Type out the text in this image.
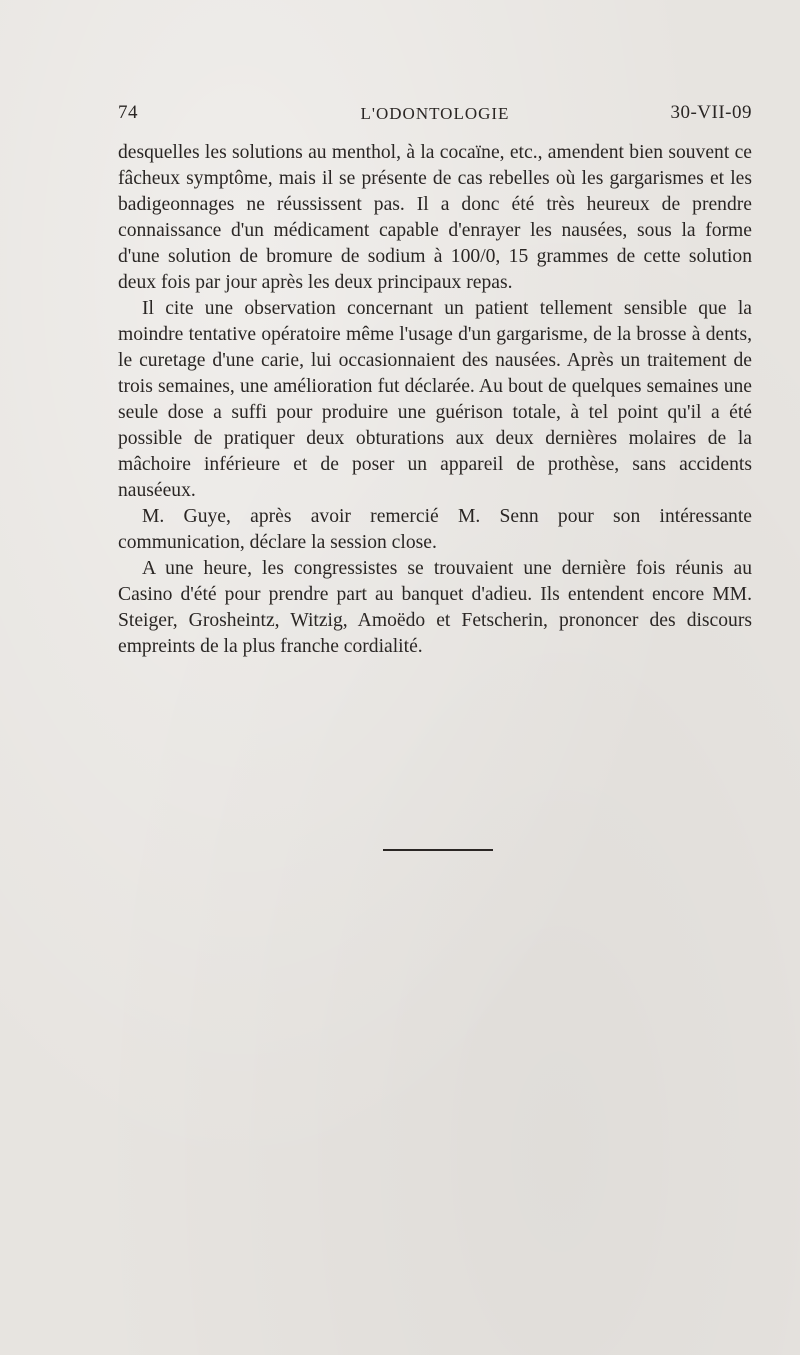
74	L'ODONTOLOGIE	30-VII-09

desquelles les solutions au menthol, à la cocaïne, etc., amendent bien souvent ce fâcheux symptôme, mais il se présente de cas rebelles où les gargarismes et les badigeonnages ne réussissent pas. Il a donc été très heureux de prendre connaissance d'un médicament capable d'enrayer les nausées, sous la forme d'une solution de bromure de sodium à 100/0, 15 grammes de cette solution deux fois par jour après les deux principaux repas.

Il cite une observation concernant un patient tellement sensible que la moindre tentative opératoire même l'usage d'un gargarisme, de la brosse à dents, le curetage d'une carie, lui occasionnaient des nausées. Après un traitement de trois semaines, une amélioration fut déclarée. Au bout de quelques semaines une seule dose a suffi pour produire une guérison totale, à tel point qu'il a été possible de pratiquer deux obturations aux deux dernières molaires de la mâchoire inférieure et de poser un appareil de prothèse, sans accidents nauséeux.

M. Guye, après avoir remercié M. Senn pour son intéressante communication, déclare la session close.

A une heure, les congressistes se trouvaient une dernière fois réunis au Casino d'été pour prendre part au banquet d'adieu. Ils entendent encore MM. Steiger, Grosheintz, Witzig, Amoëdo et Fetscherin, prononcer des discours empreints de la plus franche cordialité.
